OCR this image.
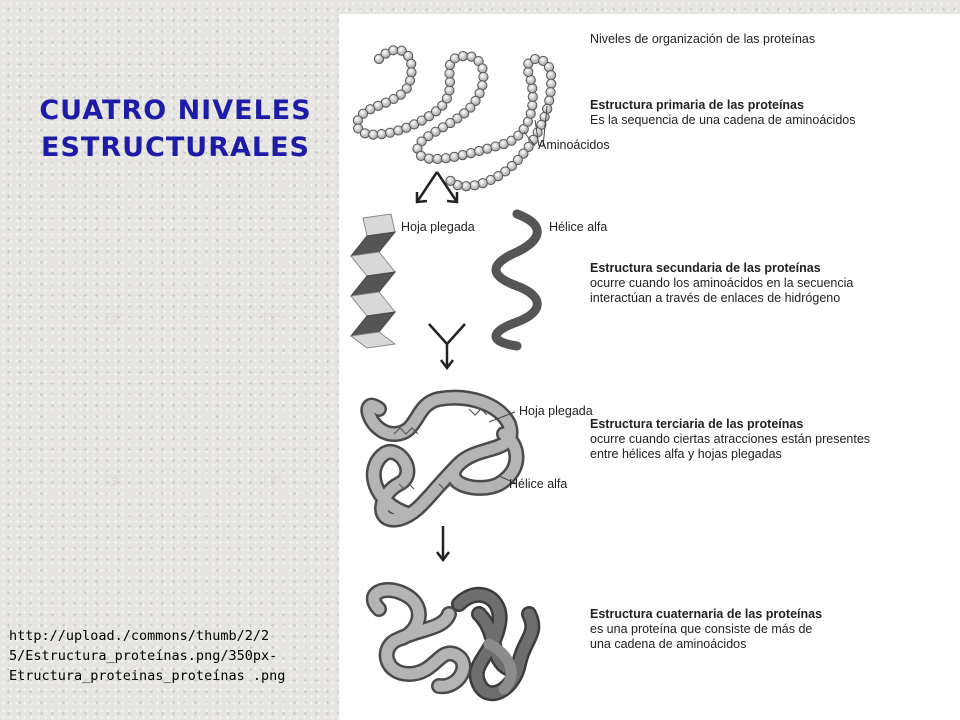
☞	☞
☞	☞
CUATRO NIVELES
ESTRUCTURALES
http://upload./commons/thumb/2/2
5/Estructura_proteínas.png/350px-
Etructura_proteinas_proteínas .png
Niveles de organización de las proteínas
Estructura primaria de las proteínas
Es la sequencia de una cadena de aminoácidos
Aminoácidos
Hoja plegada	Hélice alfa
Estructura secundaria de las proteínas
ocurre cuando los aminoácidos en la secuencia
interactúan a través de enlaces de hidrógeno
Hoja plegada
Estructura terciaria de las proteínas
ocurre cuando ciertas atracciones están presentes
entre hélices alfa y hojas plegadas
Hélice alfa
Estructura cuaternaria de las proteínas
es una proteína que consiste de más de
una cadena de aminoácidos
